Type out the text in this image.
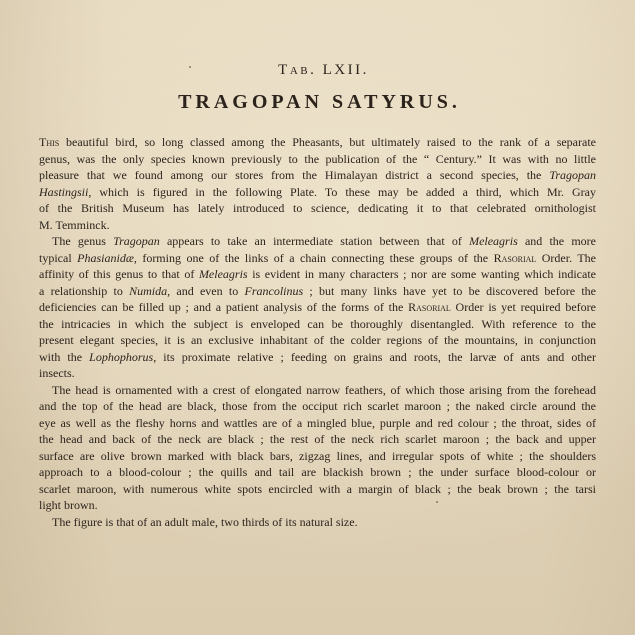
Tab. LXII.
TRAGOPAN SATYRUS.
This beautiful bird, so long classed among the Pheasants, but ultimately raised to the rank of a separate
genus, was the only species known previously to the publication of the “ Century.” It was with no little
pleasure that we found among our stores from the Himalayan district a second species, the Tragopan
Hastingsii, which is figured in the following Plate. To these may be added a third, which Mr. Gray
of the British Museum has lately introduced to science, dedicating it to that celebrated ornithologist
M. Temminck.
The genus Tragopan appears to take an intermediate station between that of Meleagris and the more
typical Phasianidæ, forming one of the links of a chain connecting these groups of the Rasorial Order. The
affinity of this genus to that of Meleagris is evident in many characters ; nor are some wanting which indicate
a relationship to Numida, and even to Francolinus ; but many links have yet to be discovered before the
deficiencies can be filled up ; and a patient analysis of the forms of the Rasorial Order is yet required before
the intricacies in which the subject is enveloped can be thoroughly disentangled. With reference to the
present elegant species, it is an exclusive inhabitant of the colder regions of the mountains, in conjunction
with the Lophophorus, its proximate relative ; feeding on grains and roots, the larvæ of ants and other
insects.
The head is ornamented with a crest of elongated narrow feathers, of which those arising from the forehead
and the top of the head are black, those from the occiput rich scarlet maroon ; the naked circle around the
eye as well as the fleshy horns and wattles are of a mingled blue, purple and red colour ; the throat, sides of
the head and back of the neck are black ; the rest of the neck rich scarlet maroon ; the back and upper
surface are olive brown marked with black bars, zigzag lines, and irregular spots of white ; the shoulders
approach to a blood-colour ; the quills and tail are blackish brown ; the under surface blood-colour or
scarlet maroon, with numerous white spots encircled with a margin of black ; the beak brown ; the tarsi
light brown.
The figure is that of an adult male, two thirds of its natural size.
